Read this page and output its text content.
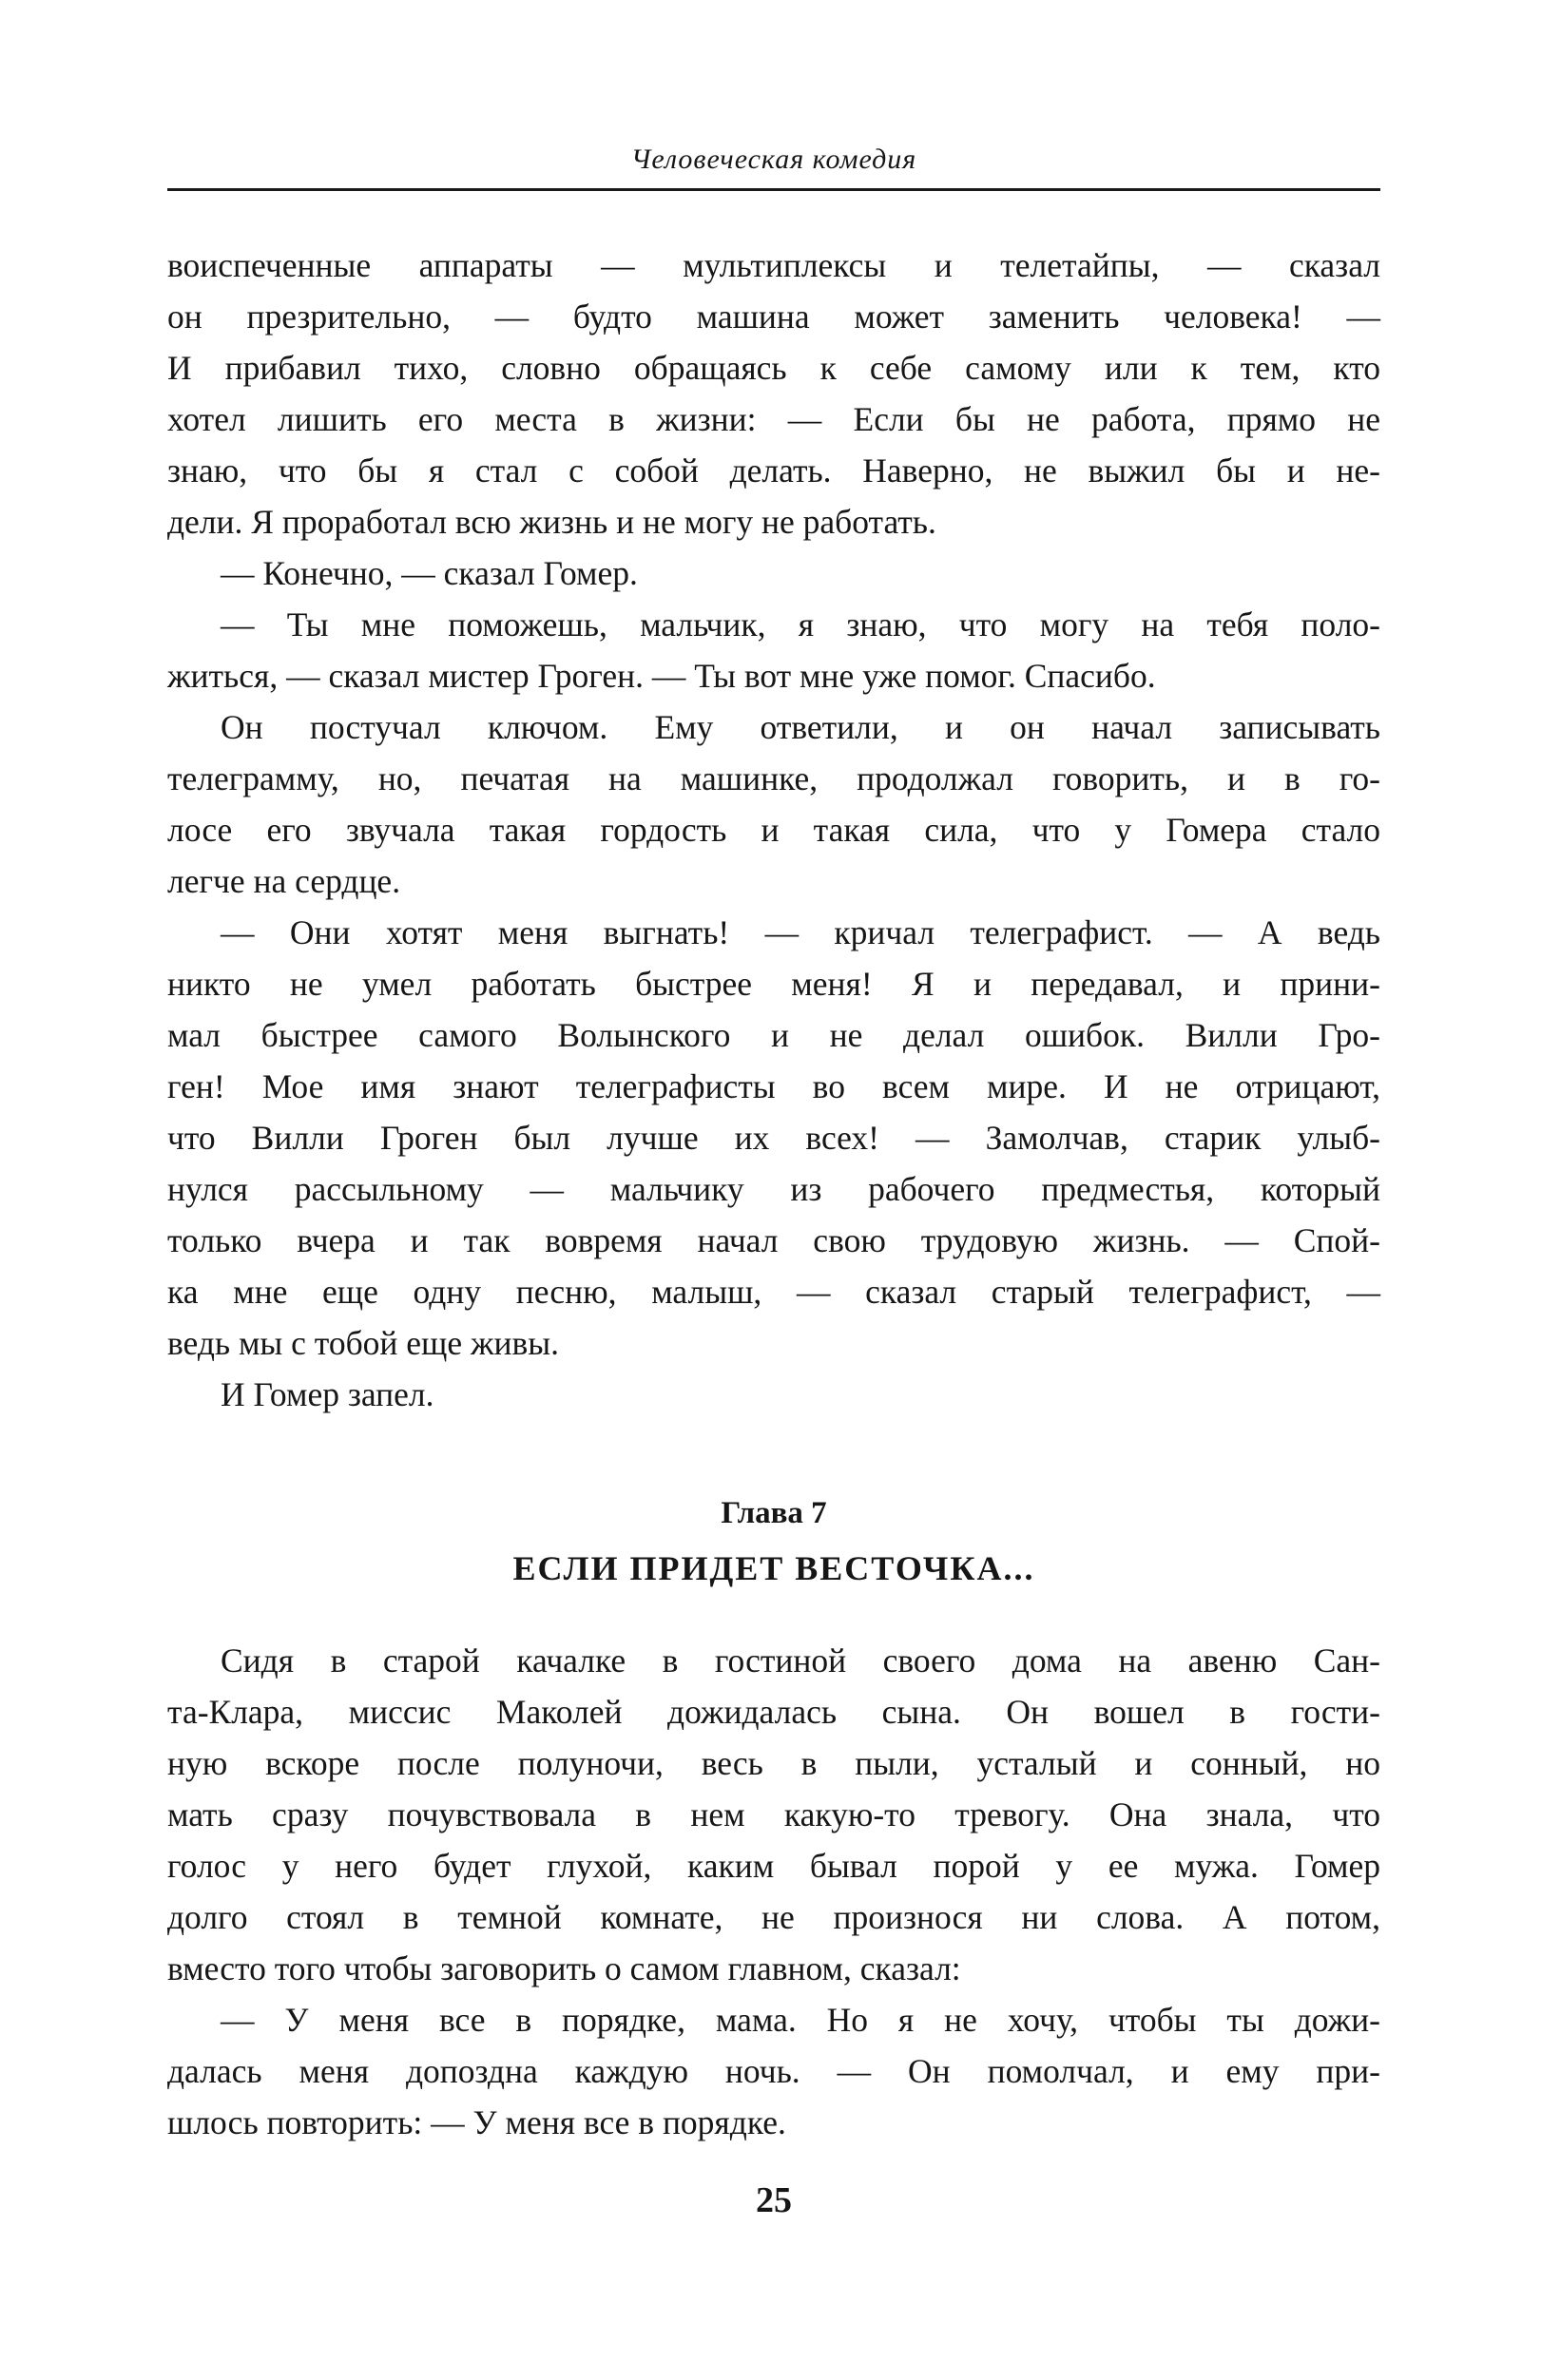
Человеческая комедия
воиспеченные аппараты — мультиплексы и телетайпы, — сказал
он презрительно, — будто машина может заменить человека! —
И прибавил тихо, словно обращаясь к себе самому или к тем, кто
хотел лишить его места в жизни: — Если бы не работа, прямо не
знаю, что бы я стал с собой делать. Наверно, не выжил бы и не-
дели. Я проработал всю жизнь и не могу не работать.
— Конечно, — сказал Гомер.
— Ты мне поможешь, мальчик, я знаю, что могу на тебя поло-
житься, — сказал мистер Гроген. — Ты вот мне уже помог. Спасибо.
Он постучал ключом. Ему ответили, и он начал записывать
телеграмму, но, печатая на машинке, продолжал говорить, и в го-
лосе его звучала такая гордость и такая сила, что у Гомера стало
легче на сердце.
— Они хотят меня выгнать! — кричал телеграфист. — А ведь
никто не умел работать быстрее меня! Я и передавал, и прини-
мал быстрее самого Волынского и не делал ошибок. Вилли Гро-
ген! Мое имя знают телеграфисты во всем мире. И не отрицают,
что Вилли Гроген был лучше их всех! — Замолчав, старик улыб-
нулся рассыльному — мальчику из рабочего предместья, который
только вчера и так вовремя начал свою трудовую жизнь. — Спой-
ка мне еще одну песню, малыш, — сказал старый телеграфист, —
ведь мы с тобой еще живы.
И Гомер запел.
Глава 7
ЕСЛИ ПРИДЕТ ВЕСТОЧКА...
Сидя в старой качалке в гостиной своего дома на авеню Сан-
та-Клара, миссис Маколей дожидалась сына. Он вошел в гости-
ную вскоре после полуночи, весь в пыли, усталый и сонный, но
мать сразу почувствовала в нем какую-то тревогу. Она знала, что
голос у него будет глухой, каким бывал порой у ее мужа. Гомер
долго стоял в темной комнате, не произнося ни слова. А потом,
вместо того чтобы заговорить о самом главном, сказал:
— У меня все в порядке, мама. Но я не хочу, чтобы ты дожи-
далась меня допоздна каждую ночь. — Он помолчал, и ему при-
шлось повторить: — У меня все в порядке.
25
